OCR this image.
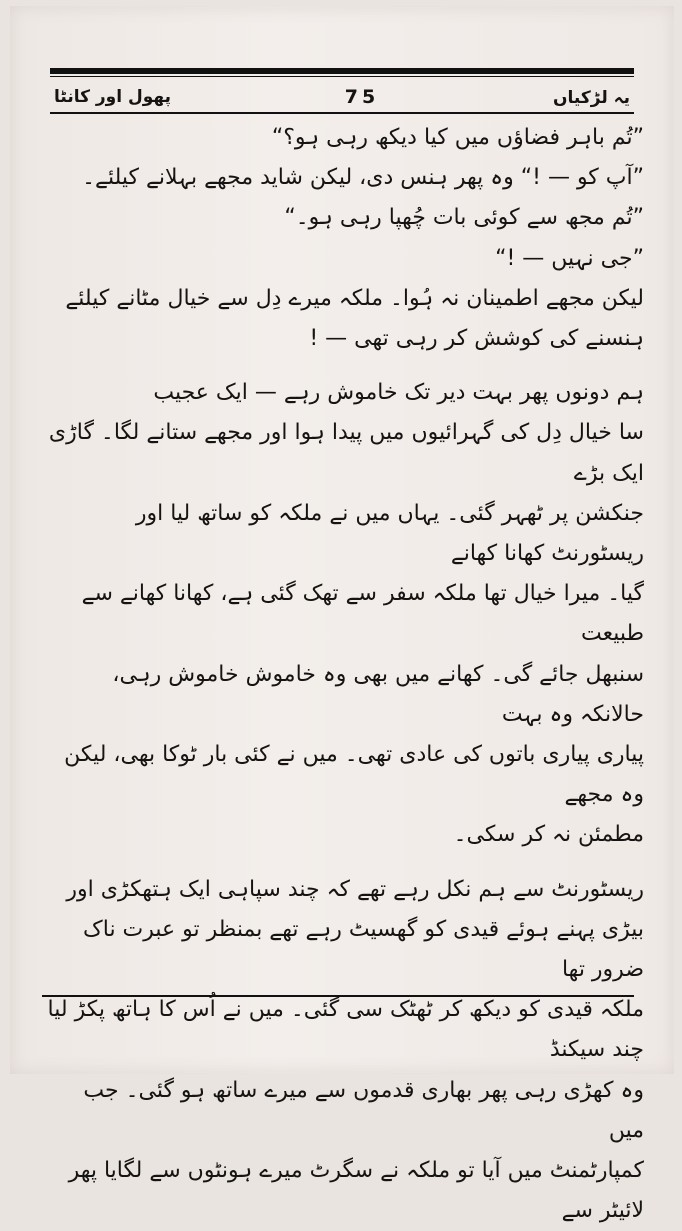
پھول اور کانٹا	75	یہ لڑکیاں

”تُم باہر فضاؤں میں کیا دیکھ رہی ہو؟“

”آپ کو — !“ وہ پھر ہنس دی، لیکن شاید مجھے بہلانے کیلئے۔

”تُم مجھ سے کوئی بات چُھپا رہی ہو۔“

”جی نہیں — !“

لیکن مجھے اطمینان نہ ہُوا۔ ملکہ میرے دِل سے خیال مٹانے کیلئے

ہنسنے کی کوشش کر رہی تھی — !

ہم دونوں پھر بہت دیر تک خاموش رہے — ایک عجیب

سا خیال دِل کی گہرائیوں میں پیدا ہوا اور مجھے ستانے لگا۔ گاڑی ایک بڑے

جنکشن پر ٹھہر گئی۔ یہاں میں نے ملکہ کو ساتھ لیا اور ریسٹورنٹ کھانا کھانے

گیا۔ میرا خیال تھا ملکہ سفر سے تھک گئی ہے، کھانا کھانے سے طبیعت

سنبھل جائے گی۔ کھانے میں بھی وہ خاموش خاموش رہی، حالانکہ وہ بہت

پیاری پیاری باتوں کی عادی تھی۔ میں نے کئی بار ٹوکا بھی، لیکن وہ مجھے

مطمئن نہ کر سکی۔

ریسٹورنٹ سے ہم نکل رہے تھے کہ چند سپاہی ایک ہتھکڑی اور

بیڑی پہنے ہوئے قیدی کو گھسیٹ رہے تھے بمنظر تو عبرت ناک ضرور تھا

ملکہ قیدی کو دیکھ کر ٹھٹک سی گئی۔ میں نے اُس کا ہاتھ پکڑ لیا چند سیکنڈ

وہ کھڑی رہی پھر بھاری قدموں سے میرے ساتھ ہو گئی۔ جب میں

کمپارٹمنٹ میں آیا تو ملکہ نے سگرٹ میرے ہونٹوں سے لگایا پھر لائیٹر سے
